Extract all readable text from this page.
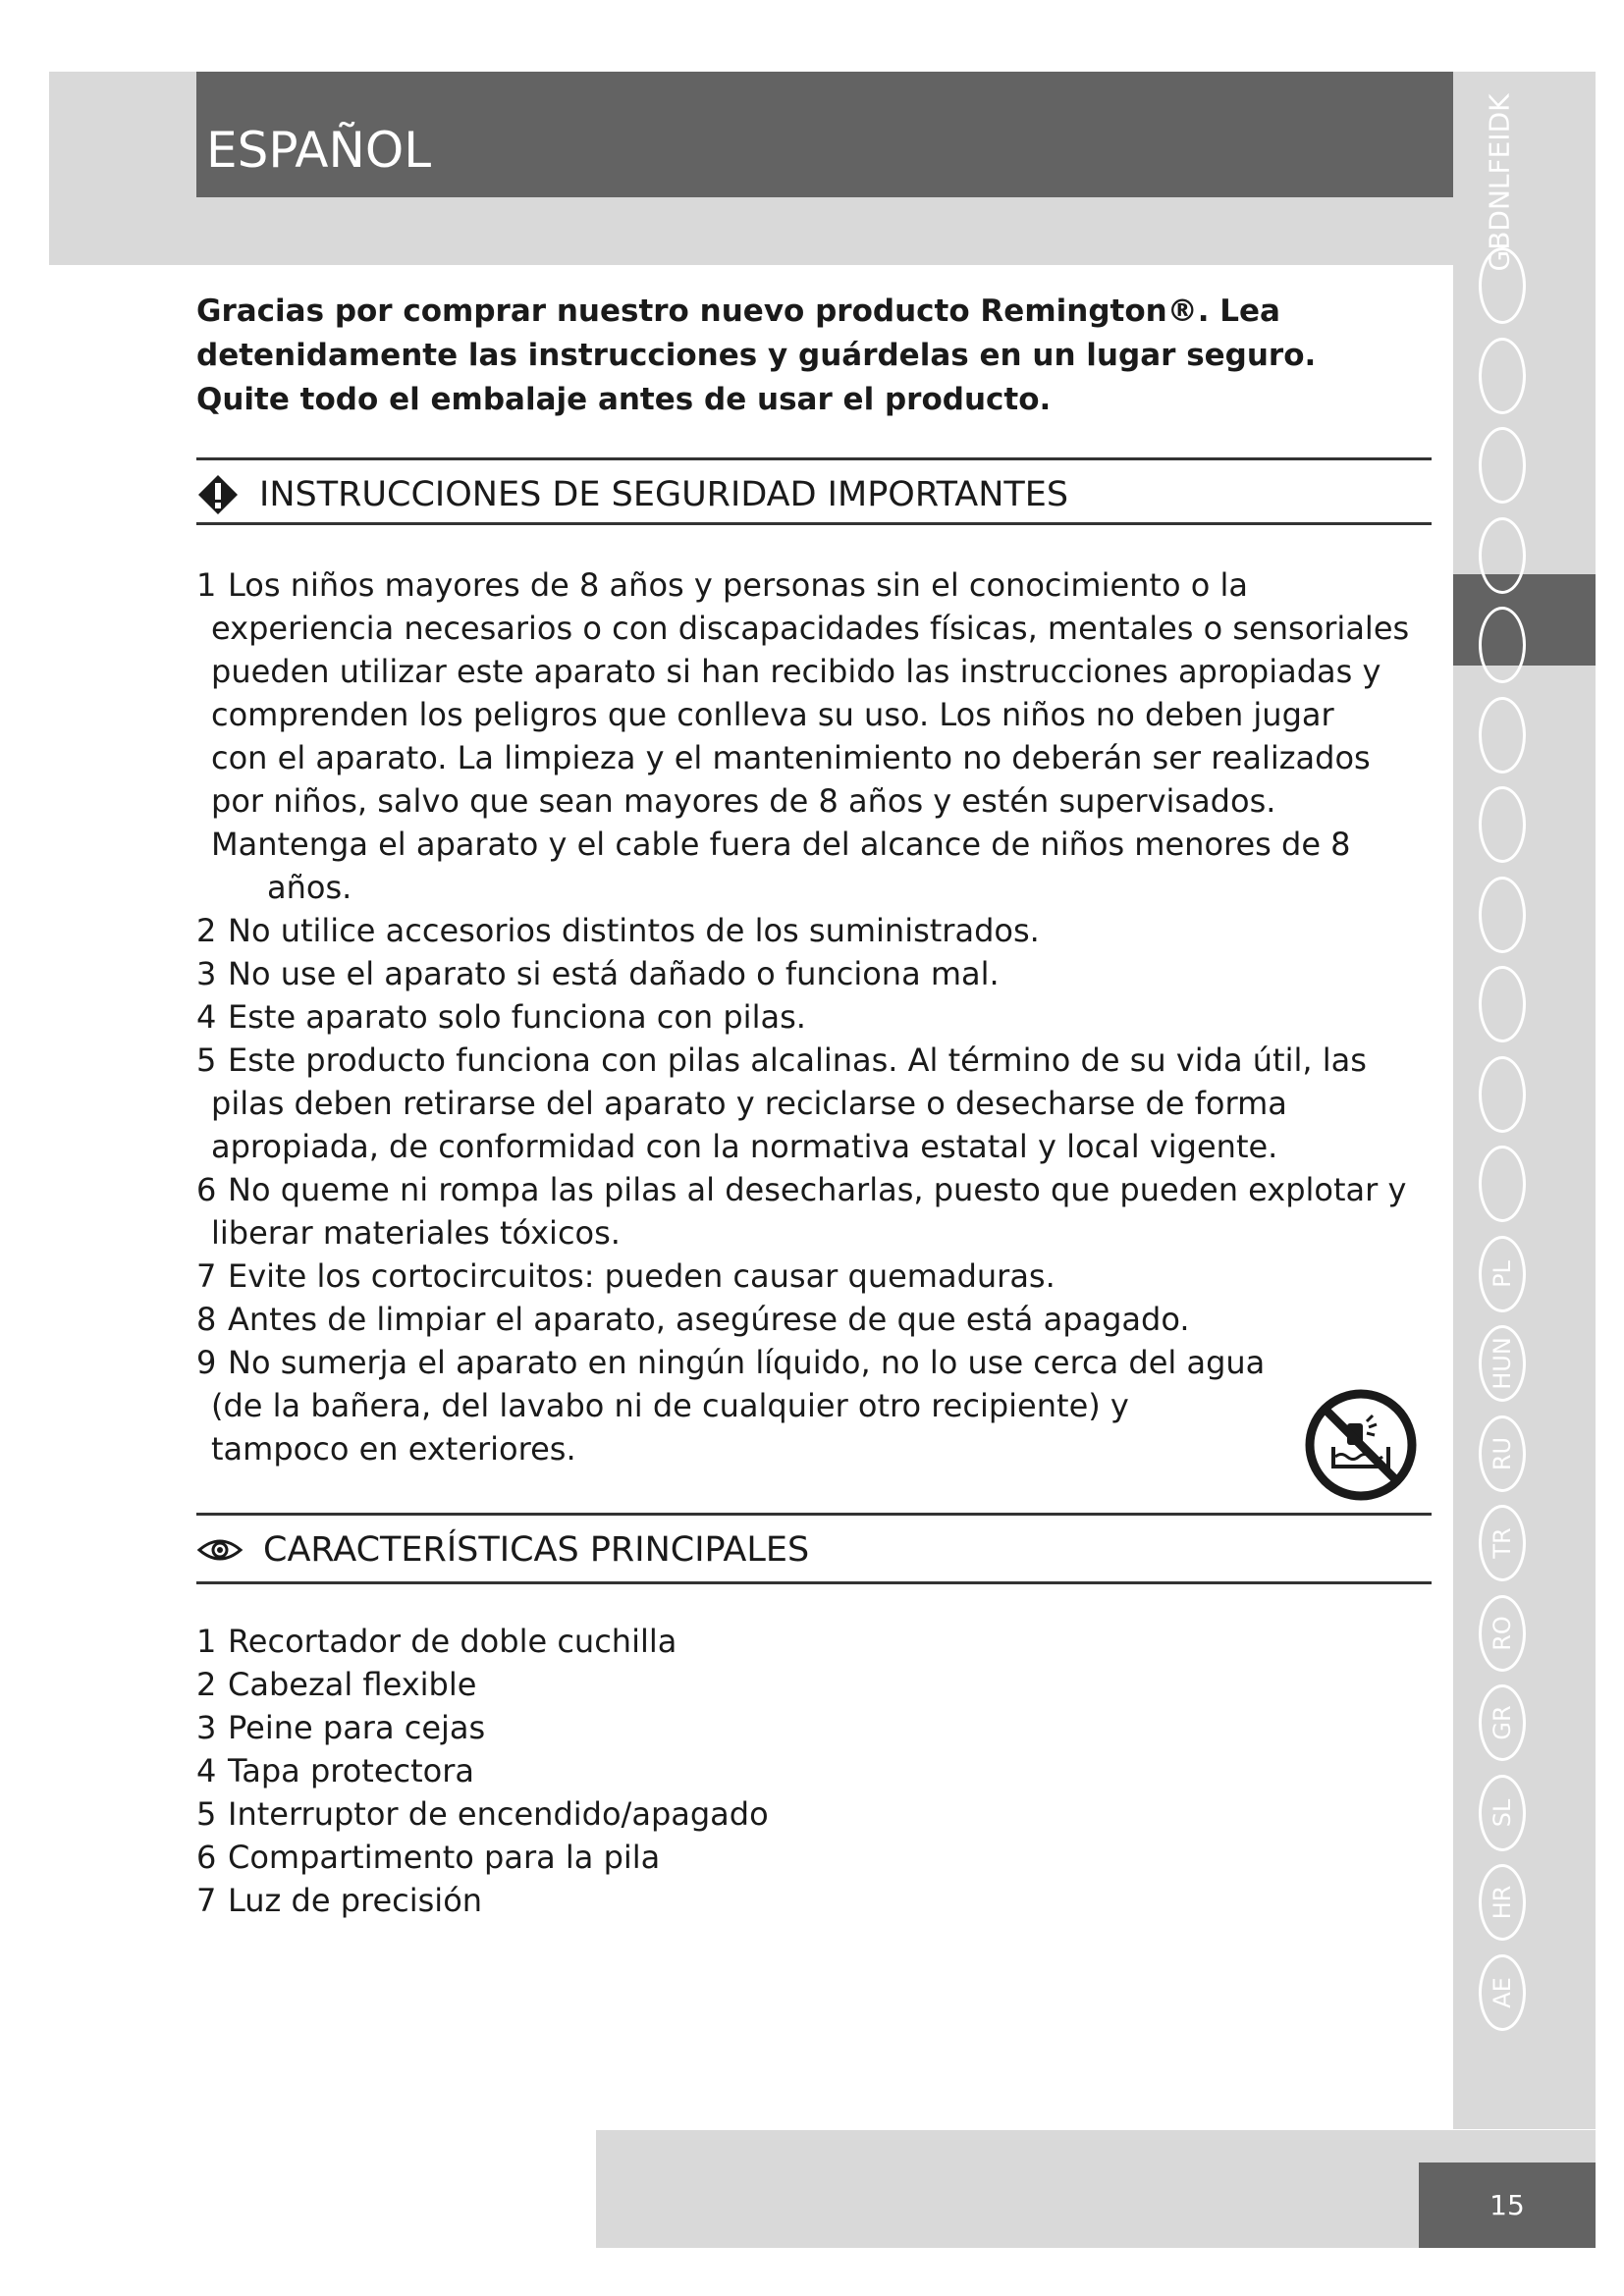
ESPAÑOL	GBDNLFEIDK
PL
HUN
RU
TR
RO
GR
SL
HR
AE
Gracias por comprar nuestro nuevo producto Remington®. Lea
detenidamente las instrucciones y guárdelas en un lugar seguro.
Quite todo el embalaje antes de usar el producto.
INSTRUCCIONES DE SEGURIDAD IMPORTANTES
1 Los niños mayores de 8 años y personas sin el conocimiento o la
experiencia necesarios o con discapacidades físicas, mentales o sensoriales
pueden utilizar este aparato si han recibido las instrucciones apropiadas y
comprenden los peligros que conlleva su uso. Los niños no deben jugar
con el aparato. La limpieza y el mantenimiento no deberán ser realizados
por niños, salvo que sean mayores de 8 años y estén supervisados.
Mantenga el aparato y el cable fuera del alcance de niños menores de 8
años.
2 No utilice accesorios distintos de los suministrados.
3 No use el aparato si está dañado o funciona mal.
4 Este aparato solo funciona con pilas.
5 Este producto funciona con pilas alcalinas. Al término de su vida útil, las
pilas deben retirarse del aparato y reciclarse o desecharse de forma
apropiada, de conformidad con la normativa estatal y local vigente.
6 No queme ni rompa las pilas al desecharlas, puesto que pueden explotar y
liberar materiales tóxicos.
7 Evite los cortocircuitos: pueden causar quemaduras.
8 Antes de limpiar el aparato, asegúrese de que está apagado.
9 No sumerja el aparato en ningún líquido, no lo use cerca del agua
(de la bañera, del lavabo ni de cualquier otro recipiente) y
tampoco en exteriores.
CARACTERÍSTICAS PRINCIPALES
1 Recortador de doble cuchilla
2 Cabezal flexible
3 Peine para cejas
4 Tapa protectora
5 Interruptor de encendido/apagado
6 Compartimento para la pila
7 Luz de precisión
15
